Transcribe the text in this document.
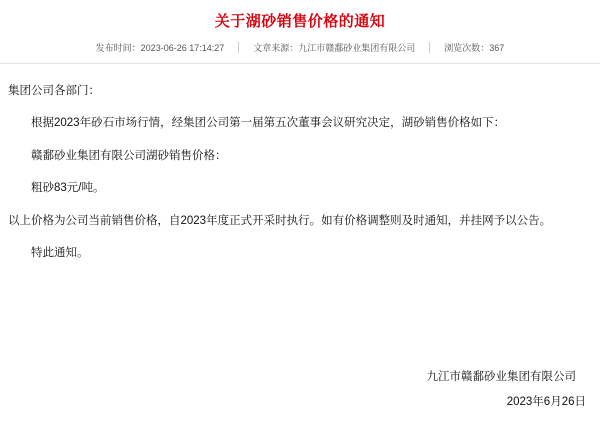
关于湖砂销售价格的通知
发布时间：2023-06-26 17:14:27	文章来源：九江市赣鄱砂业集团有限公司	浏览次数：367

集团公司各部门：

根据2023年砂石市场行情，经集团公司第一届第五次董事会议研究决定，湖砂销售价格如下：

赣鄱砂业集团有限公司湖砂销售价格：

粗砂83元/吨。

以上价格为公司当前销售价格，自2023年度正式开采时执行。如有价格调整则及时通知，并挂网予以公告。

特此通知。

九江市赣鄱砂业集团有限公司
2023年6月26日
